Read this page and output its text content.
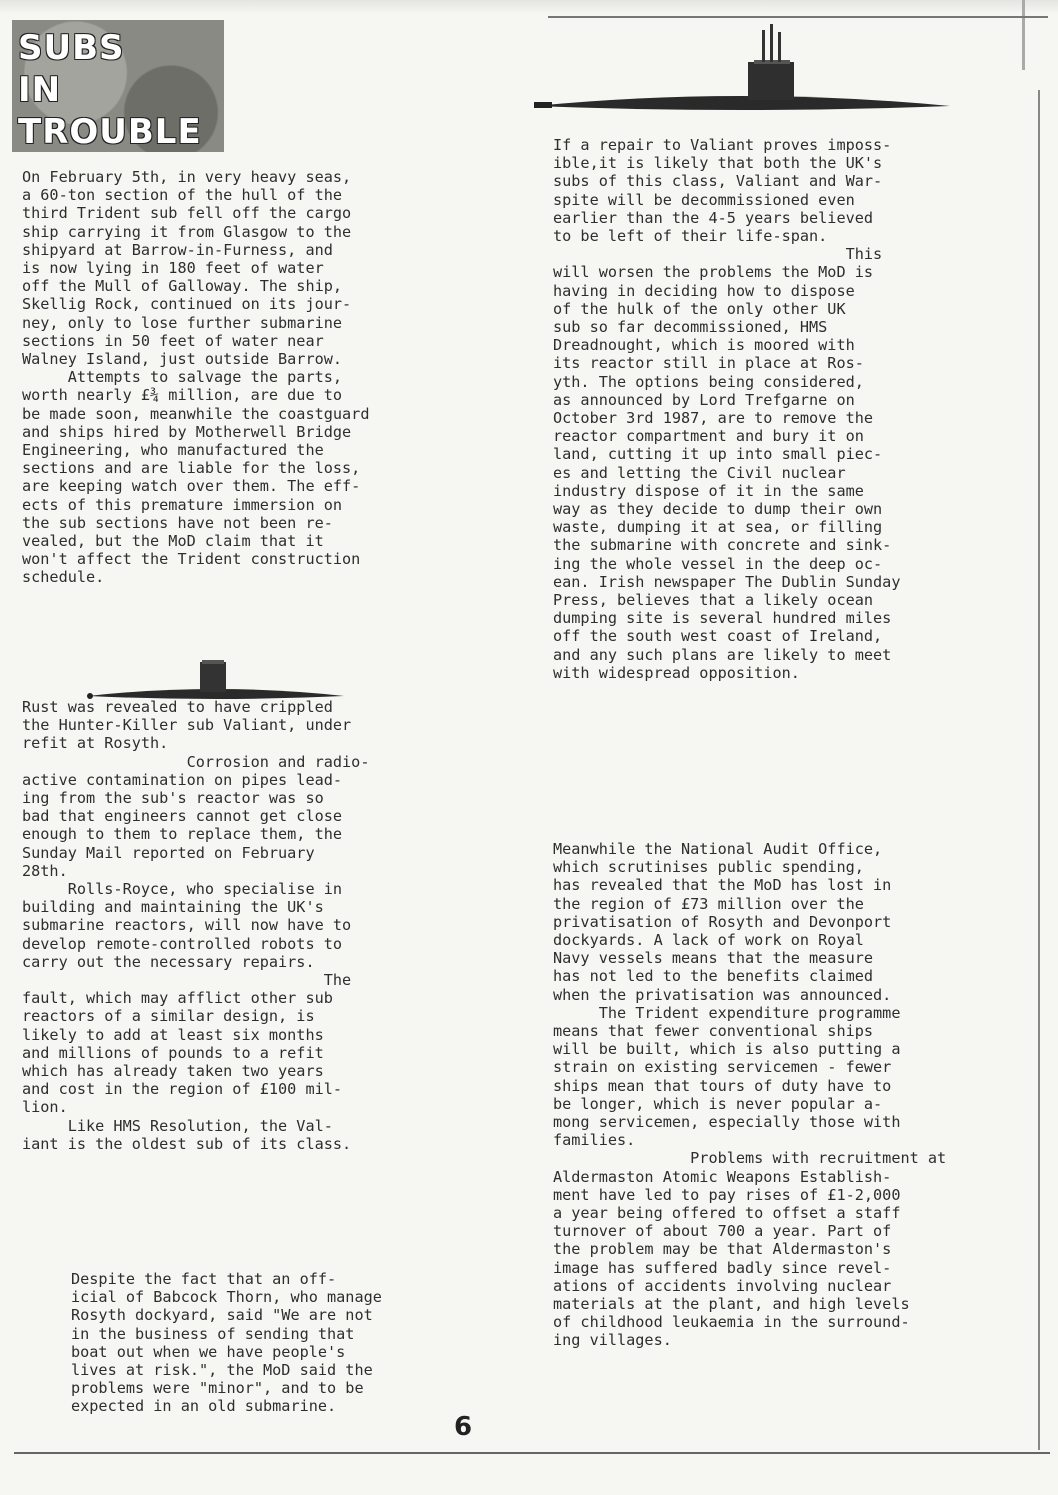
SUBS
IN
TROUBLE
On February 5th, in very heavy seas,
a 60-ton section of the hull of the
third Trident sub fell off the cargo
ship carrying it from Glasgow to the
shipyard at Barrow-in-Furness, and
is now lying in 180 feet of water
off the Mull of Galloway. The ship,
Skellig Rock, continued on its jour-
ney, only to lose further submarine
sections in 50 feet of water near
Walney Island, just outside Barrow.
Attempts to salvage the parts,
worth nearly £¾ million, are due to
be made soon, meanwhile the coastguard
and ships hired by Motherwell Bridge
Engineering, who manufactured the
sections and are liable for the loss,
are keeping watch over them. The eff-
ects of this premature immersion on
the sub sections have not been re-
vealed, but the MoD claim that it
won't affect the Trident construction
schedule.
Rust was revealed to have crippled
the Hunter-Killer sub Valiant, under
refit at Rosyth.
Corrosion and radio-
active contamination on pipes lead-
ing from the sub's reactor was so
bad that engineers cannot get close
enough to them to replace them, the
Sunday Mail reported on February
28th.
Rolls-Royce, who specialise in
building and maintaining the UK's
submarine reactors, will now have to
develop remote-controlled robots to
carry out the necessary repairs.
The
fault, which may afflict other sub
reactors of a similar design, is
likely to add at least six months
and millions of pounds to a refit
which has already taken two years
and cost in the region of £100 mil-
lion.
Like HMS Resolution, the Val-
iant is the oldest sub of its class.
Despite the fact that an off-
icial of Babcock Thorn, who manage
Rosyth dockyard, said "We are not
in the business of sending that
boat out when we have people's
lives at risk.", the MoD said the
problems were "minor", and to be
expected in an old submarine.
If a repair to Valiant proves imposs-
ible,it is likely that both the UK's
subs of this class, Valiant and War-
spite will be decommissioned even
earlier than the 4-5 years believed
to be left of their life-span.
This
will worsen the problems the MoD is
having in deciding how to dispose
of the hulk of the only other UK
sub so far decommissioned, HMS
Dreadnought, which is moored with
its reactor still in place at Ros-
yth. The options being considered,
as announced by Lord Trefgarne on
October 3rd 1987, are to remove the
reactor compartment and bury it on
land, cutting it up into small piec-
es and letting the Civil nuclear
industry dispose of it in the same
way as they decide to dump their own
waste, dumping it at sea, or filling
the submarine with concrete and sink-
ing the whole vessel in the deep oc-
ean. Irish newspaper The Dublin Sunday
Press, believes that a likely ocean
dumping site is several hundred miles
off the south west coast of Ireland,
and any such plans are likely to meet
with widespread opposition.
Meanwhile the National Audit Office,
which scrutinises public spending,
has revealed that the MoD has lost in
the region of £73 million over the
privatisation of Rosyth and Devonport
dockyards. A lack of work on Royal
Navy vessels means that the measure
has not led to the benefits claimed
when the privatisation was announced.
The Trident expenditure programme
means that fewer conventional ships
will be built, which is also putting a
strain on existing servicemen - fewer
ships mean that tours of duty have to
be longer, which is never popular a-
mong servicemen, especially those with
families.
Problems with recruitment at
Aldermaston Atomic Weapons Establish-
ment have led to pay rises of £1-2,000
a year being offered to offset a staff
turnover of about 700 a year. Part of
the problem may be that Aldermaston's
image has suffered badly since revel-
ations of accidents involving nuclear
materials at the plant, and high levels
of childhood leukaemia in the surround-
ing villages.
6
